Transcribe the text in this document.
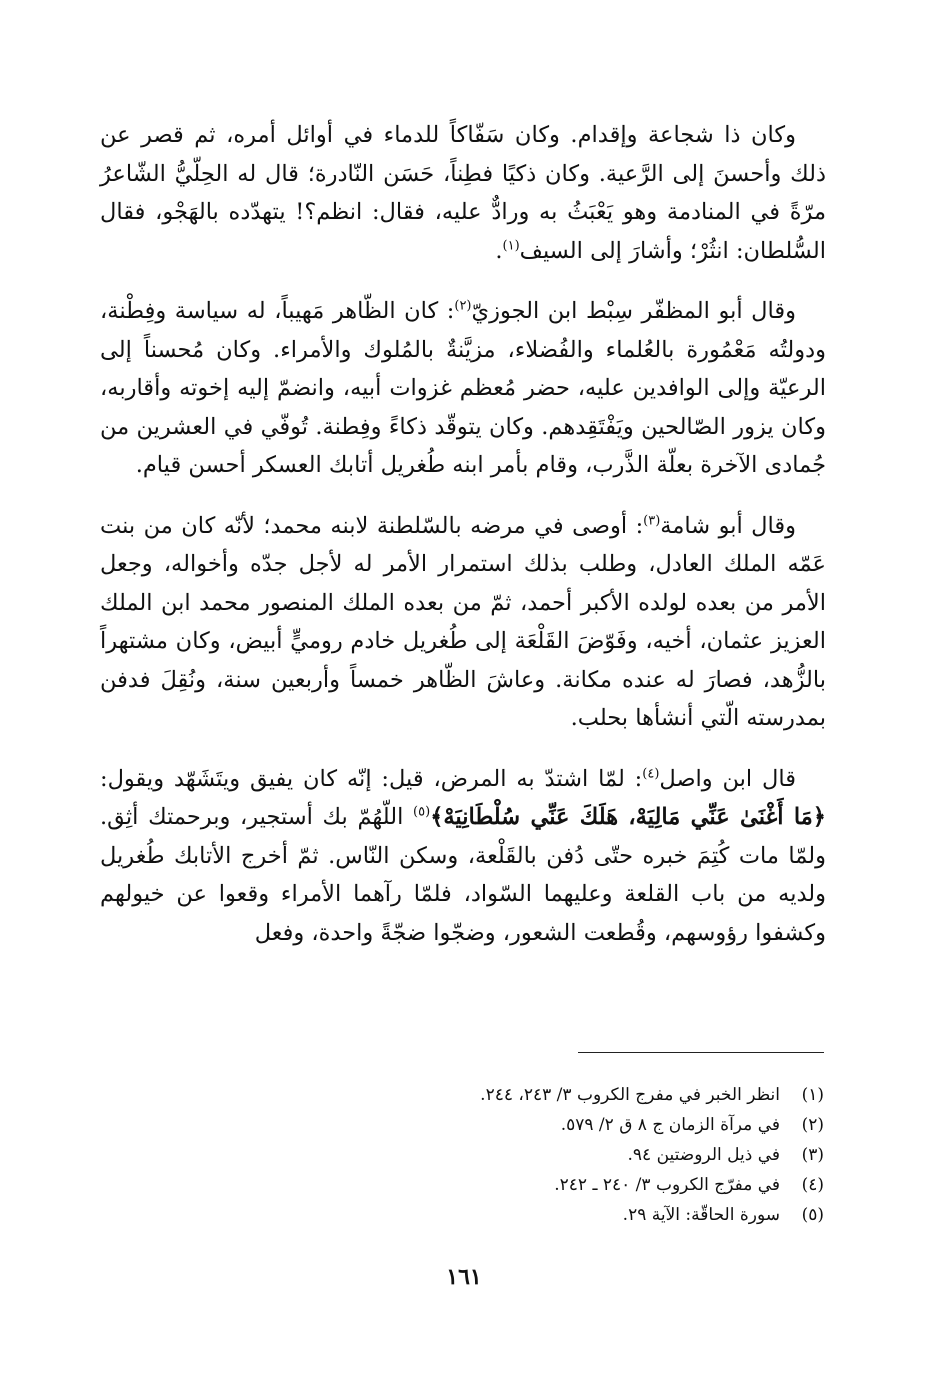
وكان ذا شجاعة وإقدام. وكان سَفّاكاً للدماء في أوائل أمره، ثم قصر عن ذلك وأحسنَ إلى الرَّعية. وكان ذكيًا فطِناً، حَسَن النّادرة؛ قال له الحِلّيُّ الشّاعرُ مرّةً في المنادمة وهو يَعْبَثُ به ورادٌّ عليه، فقال: انظم؟! يتهدّده بالهَجْو، فقال السُّلطان: انثُرْ؛ وأشارَ إلى السيف$^{(١)}$.

وقال أبو المظفّر سِبْط ابن الجوزيّ$^{(٢)}$: كان الظّاهر مَهيباً، له سياسة وفِطْنة، ودولتُه مَعْمُورة بالعُلماء والفُضلاء، مزيَّنةٌ بالمُلوك والأمراء. وكان مُحسناً إلى الرعيّة وإلى الوافدين عليه، حضر مُعظم غزوات أبيه، وانضمّ إليه إخوته وأقاربه، وكان يزور الصّالحين ويَفْتَقِدهم. وكان يتوقّد ذكاءً وفِطنة. تُوفّي في العشرين من جُمادى الآخرة بعلّة الذَّرب، وقام بأمر ابنه طُغريل أتابك العسكر أحسن قيام.

وقال أبو شامة$^{(٣)}$: أوصى في مرضه بالسّلطنة لابنه محمد؛ لأنّه كان من بنت عَمّه الملك العادل، وطلب بذلك استمرار الأمر له لأجل جدّه وأخواله، وجعل الأمر من بعده لولده الأكبر أحمد، ثمّ من بعده الملك المنصور محمد ابن الملك العزيز عثمان، أخيه، وفَوّضَ القَلْعَة إلى طُغريل خادم روميٍّ أبيض، وكان مشتهراً بالزُّهد، فصارَ له عنده مكانة. وعاشَ الظّاهر خمساً وأربعين سنة، ونُقِلَ فدفن بمدرسته الّتي أنشأها بحلب.

قال ابن واصل$^{(٤)}$: لمّا اشتدّ به المرض، قيل: إنّه كان يفيق ويتَشَهّد ويقول: ﴿مَا أَغْنَىٰ عَنِّي مَالِيَهْ، هَلَكَ عَنِّي سُلْطَانِيَهْ﴾$^{(٥)}$ اللّهُمّ بك أستجير، وبرحمتك أثِق. ولمّا مات كُتِمَ خبره حتّى دُفن بالقَلْعة، وسكن النّاس. ثمّ أخرج الأتابك طُغريل ولديه من باب القلعة وعليهما السّواد، فلمّا رآهما الأمراء وقعوا عن خيولهم وكشفوا رؤوسهم، وقُطعت الشعور، وضجّوا ضجّةً واحدة، وفعل

(١)
انظر الخبر في مفرج الكروب ٣/ ٢٤٣، ٢٤٤.
(٢)
في مرآة الزمان ج ٨ ق ٢/ ٥٧٩.
(٣)
في ذيل الروضتين ٩٤.
(٤)
في مفرّج الكروب ٣/ ٢٤٠ ـ ٢٤٢.
(٥)
سورة الحاقّة: الآية ٢٩.
١٦١
